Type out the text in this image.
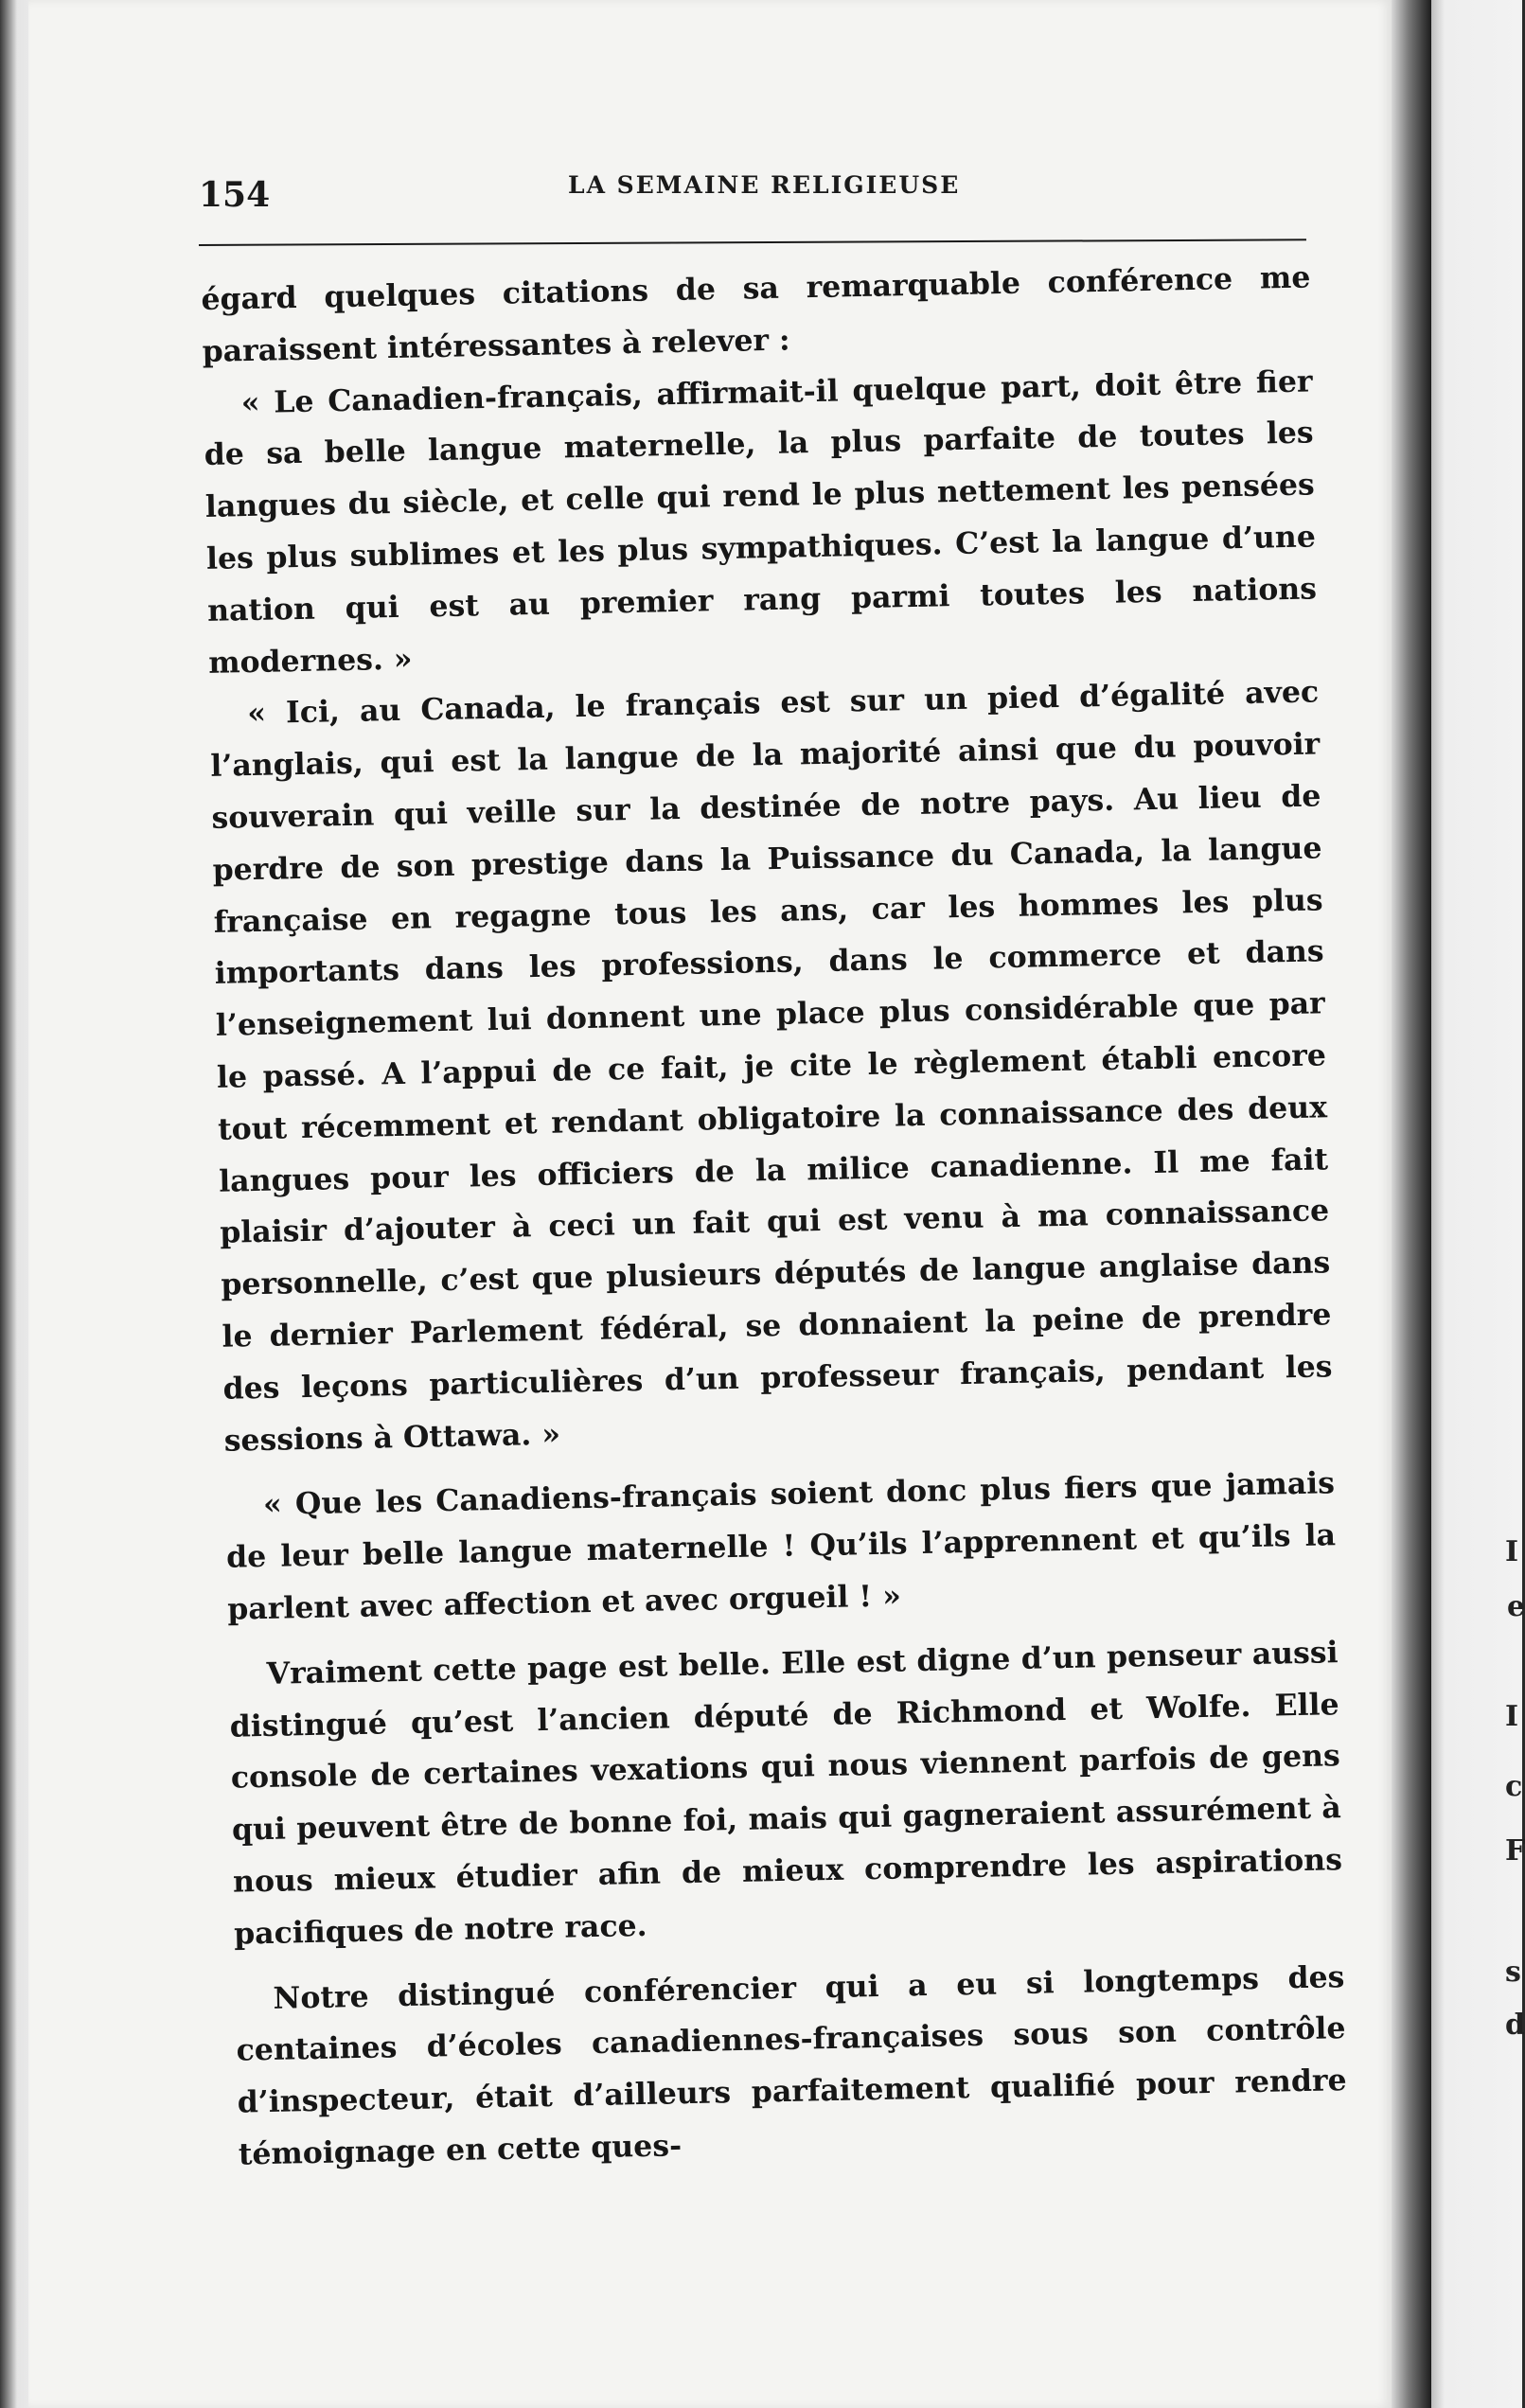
154	LA SEMAINE RELIGIEUSE

égard quelques citations de sa remarquable conférence me paraissent intéressantes à relever :

« Le Canadien-français, affirmait-il quelque part, doit être fier de sa belle langue maternelle, la plus parfaite de toutes les langues du siècle, et celle qui rend le plus nettement les pensées les plus sublimes et les plus sympathiques. C’est la langue d’une nation qui est au premier rang parmi toutes les nations modernes. »

« Ici, au Canada, le français est sur un pied d’égalité avec l’anglais, qui est la langue de la majorité ainsi que du pouvoir souverain qui veille sur la destinée de notre pays. Au lieu de perdre de son prestige dans la Puissance du Canada, la langue française en regagne tous les ans, car les hommes les plus importants dans les professions, dans le commerce et dans l’enseignement lui donnent une place plus considérable que par le passé. A l’appui de ce fait, je cite le règlement établi encore tout récemment et rendant obligatoire la connaissance des deux langues pour les officiers de la milice canadienne. Il me fait plaisir d’ajouter à ceci un fait qui est venu à ma connaissance personnelle, c’est que plusieurs députés de langue anglaise dans le dernier Parlement fédéral, se donnaient la peine de prendre des leçons particulières d’un professeur français, pendant les sessions à Ottawa. »

« Que les Canadiens-français soient donc plus fiers que jamais de leur belle langue maternelle ! Qu’ils l’apprennent et qu’ils la parlent avec affection et avec orgueil ! »

Vraiment cette page est belle. Elle est digne d’un penseur aussi distingué qu’est l’ancien député de Richmond et Wolfe. Elle console de certaines vexations qui nous viennent parfois de gens qui peuvent être de bonne foi, mais qui gagneraient assurément à nous mieux étudier afin de mieux comprendre les aspirations pacifiques de notre race.

Notre distingué conférencier qui a eu si longtemps des centaines d’écoles canadiennes-françaises sous son contrôle d’inspecteur, était d’ailleurs parfaitement qualifié pour rendre témoignage en cette ques-

I
e
I
c
F
s
d
